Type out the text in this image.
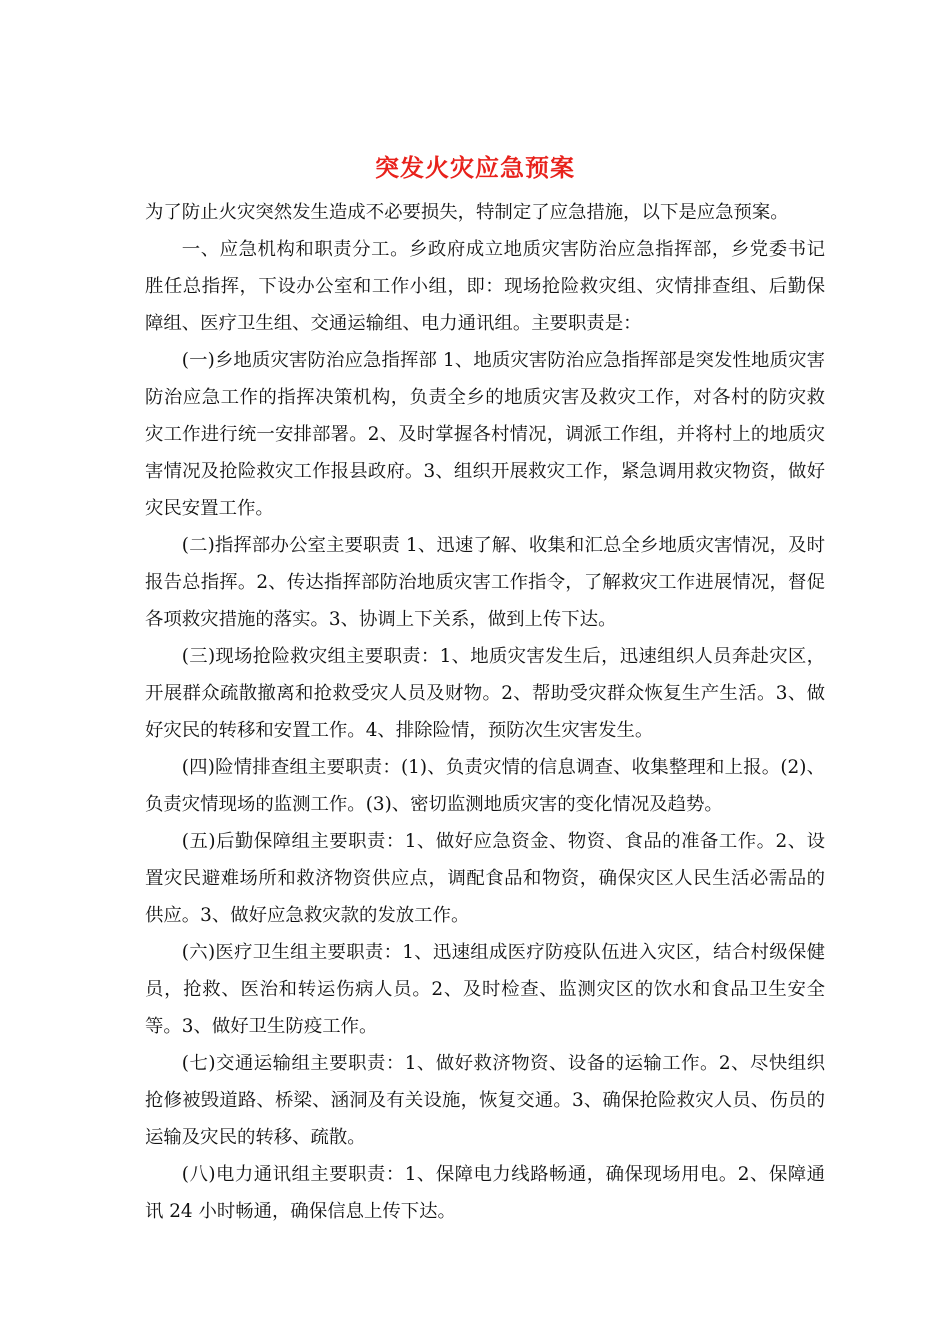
突发火灾应急预案

为了防止火灾突然发生造成不必要损失，特制定了应急措施，以下是应急预案。

一、应急机构和职责分工。乡政府成立地质灾害防治应急指挥部，乡党委书记胜任总指挥，下设办公室和工作小组，即：现场抢险救灾组、灾情排查组、后勤保障组、医疗卫生组、交通运输组、电力通讯组。主要职责是：

(一)乡地质灾害防治应急指挥部 1、地质灾害防治应急指挥部是突发性地质灾害防治应急工作的指挥决策机构，负责全乡的地质灾害及救灾工作，对各村的防灾救灾工作进行统一安排部署。2、及时掌握各村情况，调派工作组，并将村上的地质灾害情况及抢险救灾工作报县政府。3、组织开展救灾工作，紧急调用救灾物资，做好灾民安置工作。

(二)指挥部办公室主要职责 1、迅速了解、收集和汇总全乡地质灾害情况，及时报告总指挥。2、传达指挥部防治地质灾害工作指令，了解救灾工作进展情况，督促各项救灾措施的落实。3、协调上下关系，做到上传下达。

(三)现场抢险救灾组主要职责：1、地质灾害发生后，迅速组织人员奔赴灾区，开展群众疏散撤离和抢救受灾人员及财物。2、帮助受灾群众恢复生产生活。3、做好灾民的转移和安置工作。4、排除险情，预防次生灾害发生。

(四)险情排查组主要职责：(1)、负责灾情的信息调查、收集整理和上报。(2)、负责灾情现场的监测工作。(3)、密切监测地质灾害的变化情况及趋势。

(五)后勤保障组主要职责：1、做好应急资金、物资、食品的准备工作。2、设置灾民避难场所和救济物资供应点，调配食品和物资，确保灾区人民生活必需品的供应。3、做好应急救灾款的发放工作。

(六)医疗卫生组主要职责：1、迅速组成医疗防疫队伍进入灾区，结合村级保健员，抢救、医治和转运伤病人员。2、及时检查、监测灾区的饮水和食品卫生安全等。3、做好卫生防疫工作。

(七)交通运输组主要职责：1、做好救济物资、设备的运输工作。2、尽快组织抢修被毁道路、桥梁、涵洞及有关设施，恢复交通。3、确保抢险救灾人员、伤员的运输及灾民的转移、疏散。

(八)电力通讯组主要职责：1、保障电力线路畅通，确保现场用电。2、保障通讯 24 小时畅通，确保信息上传下达。
